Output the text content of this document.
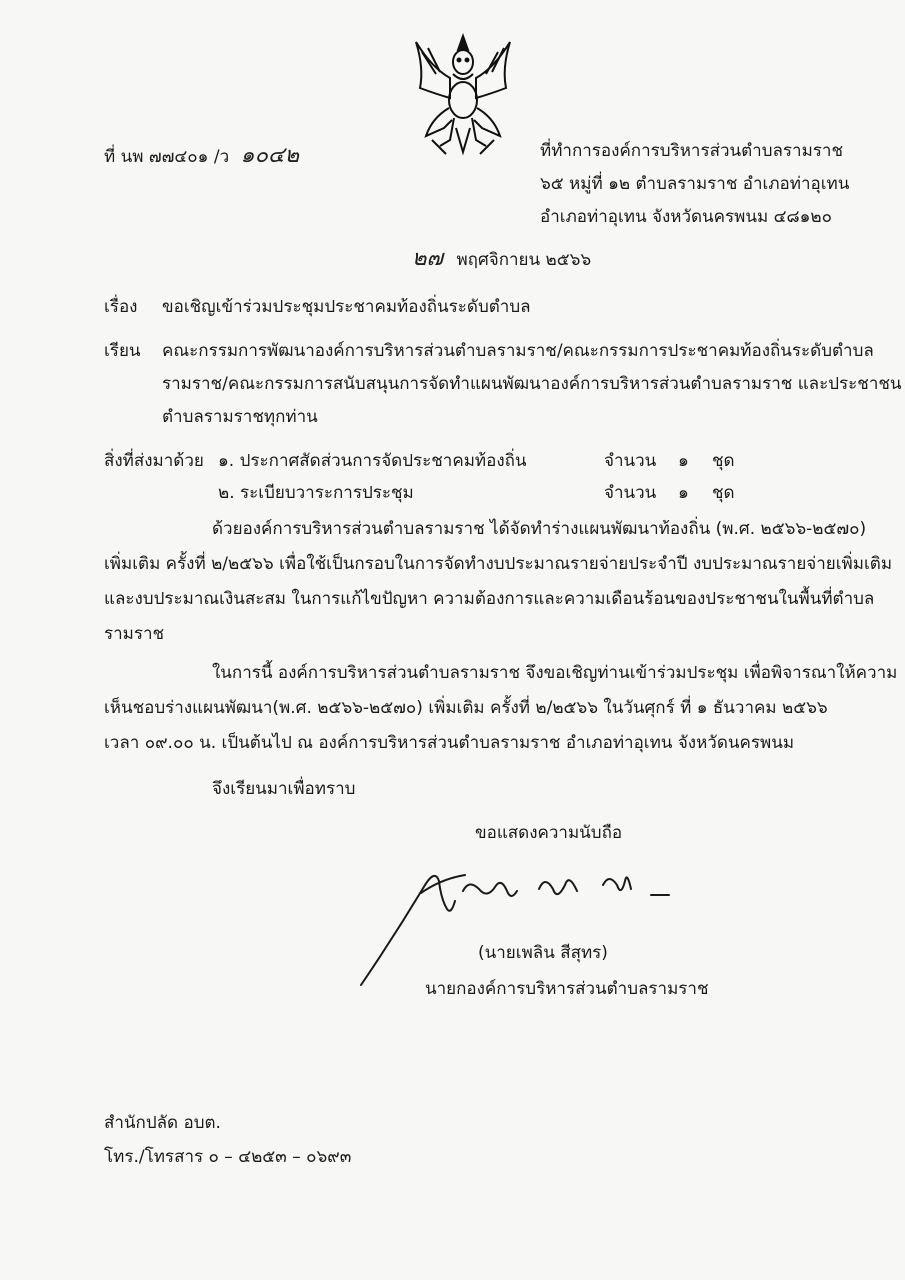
ที่ นพ ๗๗๔๐๑ /ว ๑๐๔๒	ที่ทำการองค์การบริหารส่วนตำบลรามราช
๖๕ หมู่ที่ ๑๒ ตำบลรามราช อำเภอท่าอุเทน
อำเภอท่าอุเทน จังหวัดนครพนม ๔๘๑๒๐
๒๗ พฤศจิกายน ๒๕๖๖
เรื่อง ขอเชิญเข้าร่วมประชุมประชาคมท้องถิ่นระดับตำบล
เรียน คณะกรรมการพัฒนาองค์การบริหารส่วนตำบลรามราช/คณะกรรมการประชาคมท้องถิ่นระดับตำบล
รามราช/คณะกรรมการสนับสนุนการจัดทำแผนพัฒนาองค์การบริหารส่วนตำบลรามราช และประชาชน
ตำบลรามราชทุกท่าน
สิ่งที่ส่งมาด้วย ๑. ประกาศสัดส่วนการจัดประชาคมท้องถิ่น	จำนวน ๑ ชุด
๒. ระเบียบวาระการประชุม	จำนวน ๑ ชุด
ด้วยองค์การบริหารส่วนตำบลรามราช ได้จัดทำร่างแผนพัฒนาท้องถิ่น (พ.ศ. ๒๕๖๖-๒๕๗๐)
เพิ่มเติม ครั้งที่ ๒/๒๕๖๖ เพื่อใช้เป็นกรอบในการจัดทำงบประมาณรายจ่ายประจำปี งบประมาณรายจ่ายเพิ่มเติม
และงบประมาณเงินสะสม ในการแก้ไขปัญหา ความต้องการและความเดือนร้อนของประชาชนในพื้นที่ตำบล
รามราช
ในการนี้ องค์การบริหารส่วนตำบลรามราช จึงขอเชิญท่านเข้าร่วมประชุม เพื่อพิจารณาให้ความ
เห็นชอบร่างแผนพัฒนา(พ.ศ. ๒๕๖๖-๒๕๗๐) เพิ่มเติม ครั้งที่ ๒/๒๕๖๖ ในวันศุกร์ ที่ ๑ ธันวาคม ๒๕๖๖
เวลา ๐๙.๐๐ น. เป็นต้นไป ณ องค์การบริหารส่วนตำบลรามราช อำเภอท่าอุเทน จังหวัดนครพนม
จึงเรียนมาเพื่อทราบ
ขอแสดงความนับถือ
(นายเพลิน สีสุทร)
นายกองค์การบริหารส่วนตำบลรามราช
สำนักปลัด อบต.
โทร./โทรสาร ๐ – ๔๒๕๓ – ๐๖๙๓
